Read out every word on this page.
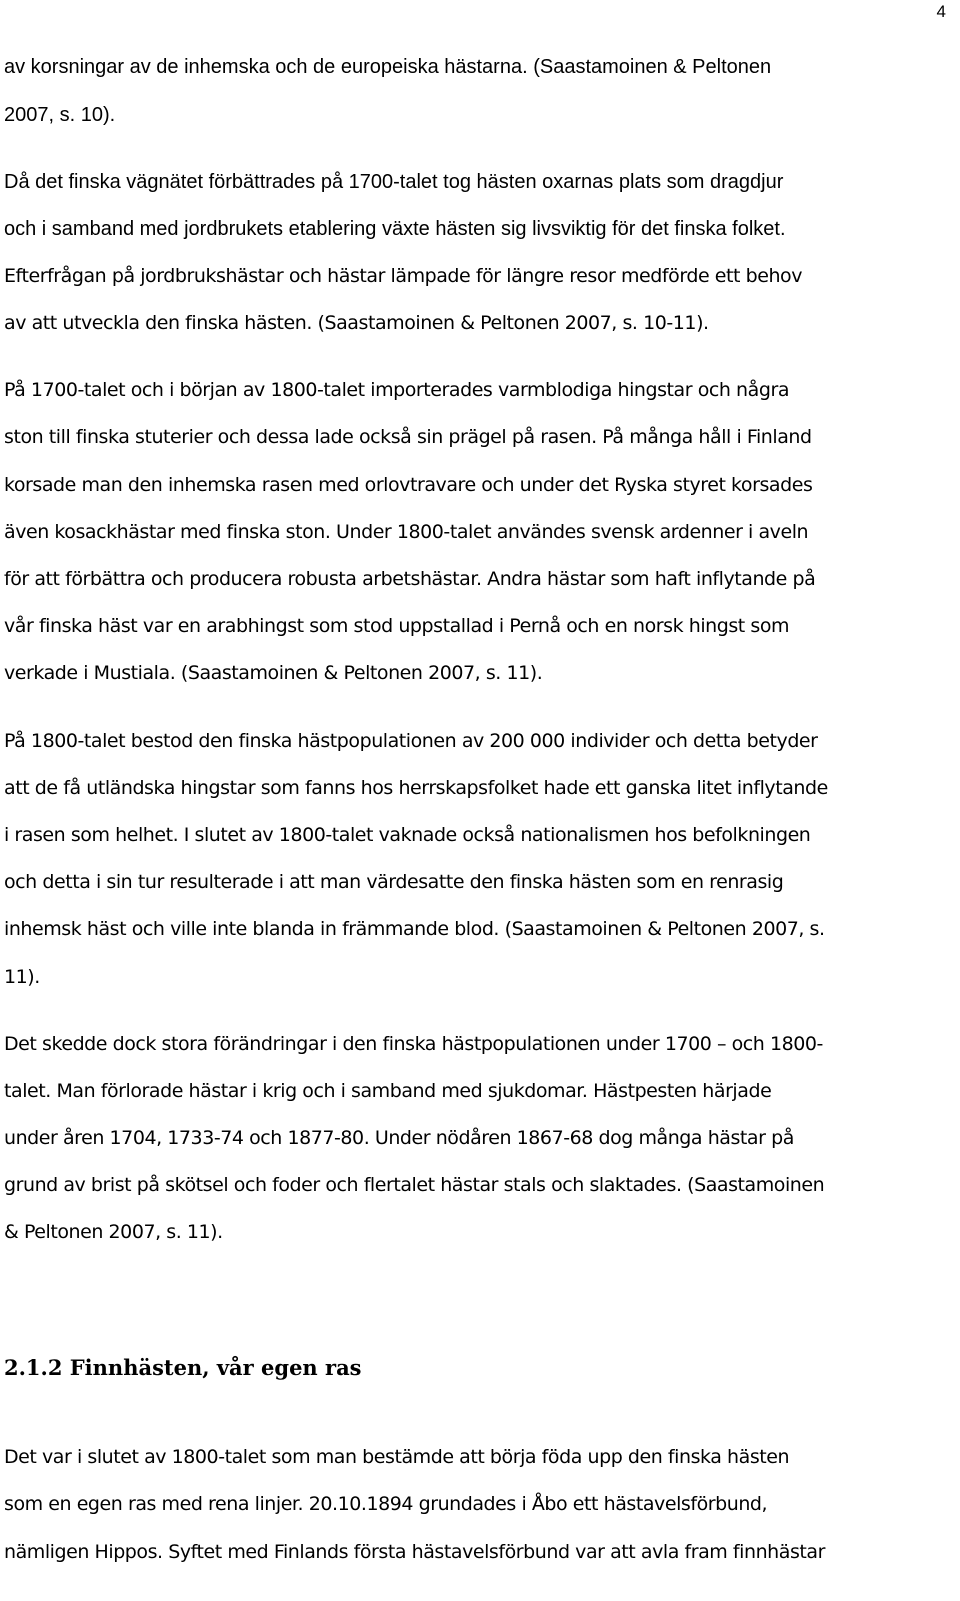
4
av korsningar av de inhemska och de europeiska hästarna. (Saastamoinen & Peltonen
2007, s. 10).
Då det finska vägnätet förbättrades på 1700-talet tog hästen oxarnas plats som dragdjur
och i samband med jordbrukets etablering växte hästen sig livsviktig för det finska folket.
Efterfrågan på jordbrukshästar och hästar lämpade för längre resor medförde ett behov
av att utveckla den finska hästen. (Saastamoinen & Peltonen 2007, s. 10-11).
På 1700-talet och i början av 1800-talet importerades varmblodiga hingstar och några
ston till finska stuterier och dessa lade också sin prägel på rasen. På många håll i Finland
korsade man den inhemska rasen med orlovtravare och under det Ryska styret korsades
även kosackhästar med finska ston. Under 1800-talet användes svensk ardenner i aveln
för att förbättra och producera robusta arbetshästar. Andra hästar som haft inflytande på
vår finska häst var en arabhingst som stod uppstallad i Pernå och en norsk hingst som
verkade i Mustiala. (Saastamoinen & Peltonen 2007, s. 11).
På 1800-talet bestod den finska hästpopulationen av 200 000 individer och detta betyder
att de få utländska hingstar som fanns hos herrskapsfolket hade ett ganska litet inflytande
i rasen som helhet. I slutet av 1800-talet vaknade också nationalismen hos befolkningen
och detta i sin tur resulterade i att man värdesatte den finska hästen som en renrasig
inhemsk häst och ville inte blanda in främmande blod. (Saastamoinen & Peltonen 2007, s.
11).
Det skedde dock stora förändringar i den finska hästpopulationen under 1700 – och 1800-
talet. Man förlorade hästar i krig och i samband med sjukdomar. Hästpesten härjade
under åren 1704, 1733-74 och 1877-80. Under nödåren 1867-68 dog många hästar på
grund av brist på skötsel och foder och flertalet hästar stals och slaktades. (Saastamoinen
& Peltonen 2007, s. 11).
2.1.2 Finnhästen, vår egen ras
Det var i slutet av 1800-talet som man bestämde att börja föda upp den finska hästen
som en egen ras med rena linjer. 20.10.1894 grundades i Åbo ett hästavelsförbund,
nämligen Hippos. Syftet med Finlands första hästavelsförbund var att avla fram finnhästar
